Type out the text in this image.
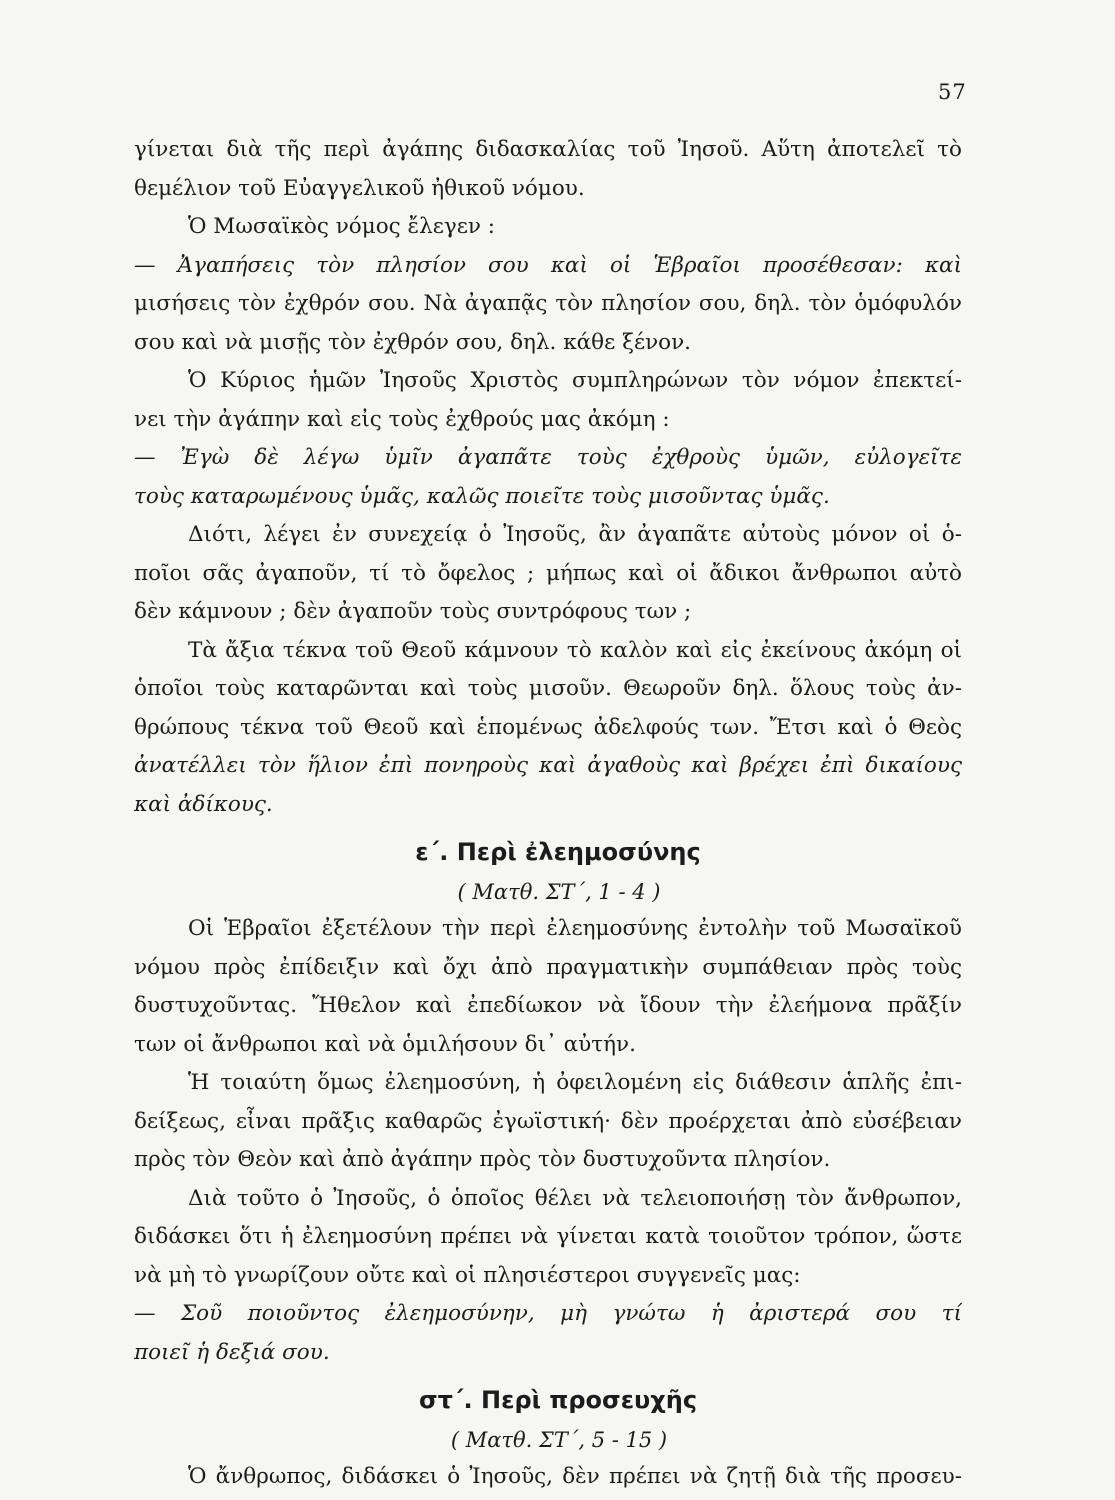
57
γίνεται διὰ τῆς περὶ ἀγάπης διδασκαλίας τοῦ Ἰησοῦ. Αὕτη ἀποτελεῖ τὸ
θεμέλιον τοῦ Εὐαγγελικοῦ ἠθικοῦ νόμου.
Ὁ Μωσαϊκὸς νόμος ἔλεγεν :
— Ἀγαπήσεις τὸν πλησίον σου καὶ οἱ Ἑβραῖοι προσέθεσαν: καὶ
μισήσεις τὸν ἐχθρόν σου. Νὰ ἀγαπᾷς τὸν πλησίον σου, δηλ. τὸν ὁμόφυλόν
σου καὶ νὰ μισῇς τὸν ἐχθρόν σου, δηλ. κάθε ξένον.
Ὁ Κύριος ἡμῶν Ἰησοῦς Χριστὸς συμπληρώνων τὸν νόμον ἐπεκτεί-
νει τὴν ἀγάπην καὶ εἰς τοὺς ἐχθρούς μας ἀκόμη :
— Ἐγὼ δὲ λέγω ὑμῖν ἀγαπᾶτε τοὺς ἐχθροὺς ὑμῶν, εὐλογεῖτε
τοὺς καταρωμένους ὑμᾶς, καλῶς ποιεῖτε τοὺς μισοῦντας ὑμᾶς.
Διότι, λέγει ἐν συνεχείᾳ ὁ Ἰησοῦς, ἂν ἀγαπᾶτε αὐτοὺς μόνον οἱ ὁ-
ποῖοι σᾶς ἀγαποῦν, τί τὸ ὄφελος ; μήπως καὶ οἱ ἄδικοι ἄνθρωποι αὐτὸ
δὲν κάμνουν ; δὲν ἀγαποῦν τοὺς συντρόφους των ;
Τὰ ἄξια τέκνα τοῦ Θεοῦ κάμνουν τὸ καλὸν καὶ εἰς ἐκείνους ἀκόμη οἱ
ὁποῖοι τοὺς καταρῶνται καὶ τοὺς μισοῦν. Θεωροῦν δηλ. ὅλους τοὺς ἀν-
θρώπους τέκνα τοῦ Θεοῦ καὶ ἑπομένως ἀδελφούς των. Ἔτσι καὶ ὁ Θεὸς
ἀνατέλλει τὸν ἥλιον ἐπὶ πονηροὺς καὶ ἀγαθοὺς καὶ βρέχει ἐπὶ δικαίους
καὶ ἀδίκους.
ε΄. Περὶ ἐλεημοσύνης
( Ματθ. ΣΤ΄, 1 - 4 )
Οἱ Ἑβραῖοι ἐξετέλουν τὴν περὶ ἐλεημοσύνης ἐντολὴν τοῦ Μωσαϊκοῦ
νόμου πρὸς ἐπίδειξιν καὶ ὄχι ἀπὸ πραγματικὴν συμπάθειαν πρὸς τοὺς
δυστυχοῦντας. Ἤθελον καὶ ἐπεδίωκον νὰ ἴδουν τὴν ἐλεήμονα πρᾶξίν
των οἱ ἄνθρωποι καὶ νὰ ὁμιλήσουν δι᾽ αὐτήν.
Ἡ τοιαύτη ὅμως ἐλεημοσύνη, ἡ ὀφειλομένη εἰς διάθεσιν ἁπλῆς ἐπι-
δείξεως, εἶναι πρᾶξις καθαρῶς ἐγωϊστική· δὲν προέρχεται ἀπὸ εὐσέβειαν
πρὸς τὸν Θεὸν καὶ ἀπὸ ἀγάπην πρὸς τὸν δυστυχοῦντα πλησίον.
Διὰ τοῦτο ὁ Ἰησοῦς, ὁ ὁποῖος θέλει νὰ τελειοποιήσῃ τὸν ἄνθρωπον,
διδάσκει ὅτι ἡ ἐλεημοσύνη πρέπει νὰ γίνεται κατὰ τοιοῦτον τρόπον, ὥστε
νὰ μὴ τὸ γνωρίζουν οὔτε καὶ οἱ πλησιέστεροι συγγενεῖς μας:
— Σοῦ ποιοῦντος ἐλεημοσύνην, μὴ γνώτω ἡ ἀριστερά σου τί
ποιεῖ ἡ δεξιά σου.
στ΄. Περὶ προσευχῆς
( Ματθ. ΣΤ΄, 5 - 15 )
Ὁ ἄνθρωπος, διδάσκει ὁ Ἰησοῦς, δὲν πρέπει νὰ ζητῇ διὰ τῆς προσευ-
